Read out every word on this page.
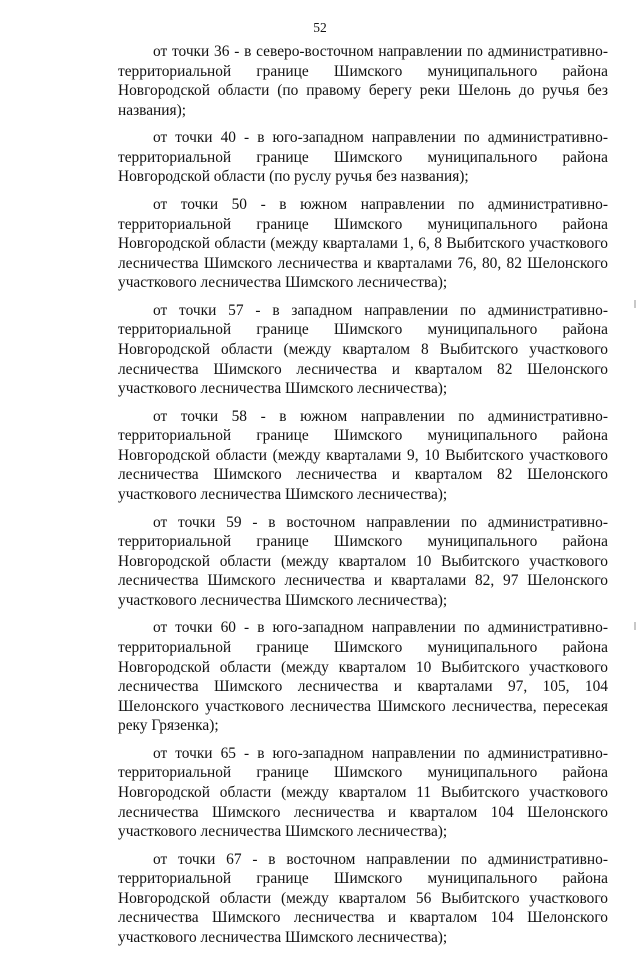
52

от точки 36 - в северо-восточном направлении по административно-территориальной границе Шимского муниципального района Новгородской области (по правому берегу реки Шелонь до ручья без названия);

от точки 40 - в юго-западном направлении по административно-территориальной границе Шимского муниципального района Новгородской области (по руслу ручья без названия);

от точки 50 - в южном направлении по административно-территориальной границе Шимского муниципального района Новгородской области (между кварталами 1, 6, 8 Выбитского участкового лесничества Шимского лесничества и кварталами 76, 80, 82 Шелонского участкового лесничества Шимского лесничества);

от точки 57 - в западном направлении по административно-территориальной границе Шимского муниципального района Новгородской области (между кварталом 8 Выбитского участкового лесничества Шимского лесничества и кварталом 82 Шелонского участкового лесничества Шимского лесничества);

от точки 58 - в южном направлении по административно-территориальной границе Шимского муниципального района Новгородской области (между кварталами 9, 10 Выбитского участкового лесничества Шимского лесничества и кварталом 82 Шелонского участкового лесничества Шимского лесничества);

от точки 59 - в восточном направлении по административно-территориальной границе Шимского муниципального района Новгородской области (между кварталом 10 Выбитского участкового лесничества Шимского лесничества и кварталами 82, 97 Шелонского участкового лесничества Шимского лесничества);

от точки 60 - в юго-западном направлении по административно-территориальной границе Шимского муниципального района Новгородской области (между кварталом 10 Выбитского участкового лесничества Шимского лесничества и кварталами 97, 105, 104 Шелонского участкового лесничества Шимского лесничества, пересекая реку Грязенка);

от точки 65 - в юго-западном направлении по административно-территориальной границе Шимского муниципального района Новгородской области (между кварталом 11 Выбитского участкового лесничества Шимского лесничества и кварталом 104 Шелонского участкового лесничества Шимского лесничества);

от точки 67 - в восточном направлении по административно-территориальной границе Шимского муниципального района Новгородской области (между кварталом 56 Выбитского участкового лесничества Шимского лесничества и кварталом 104 Шелонского участкового лесничества Шимского лесничества);
